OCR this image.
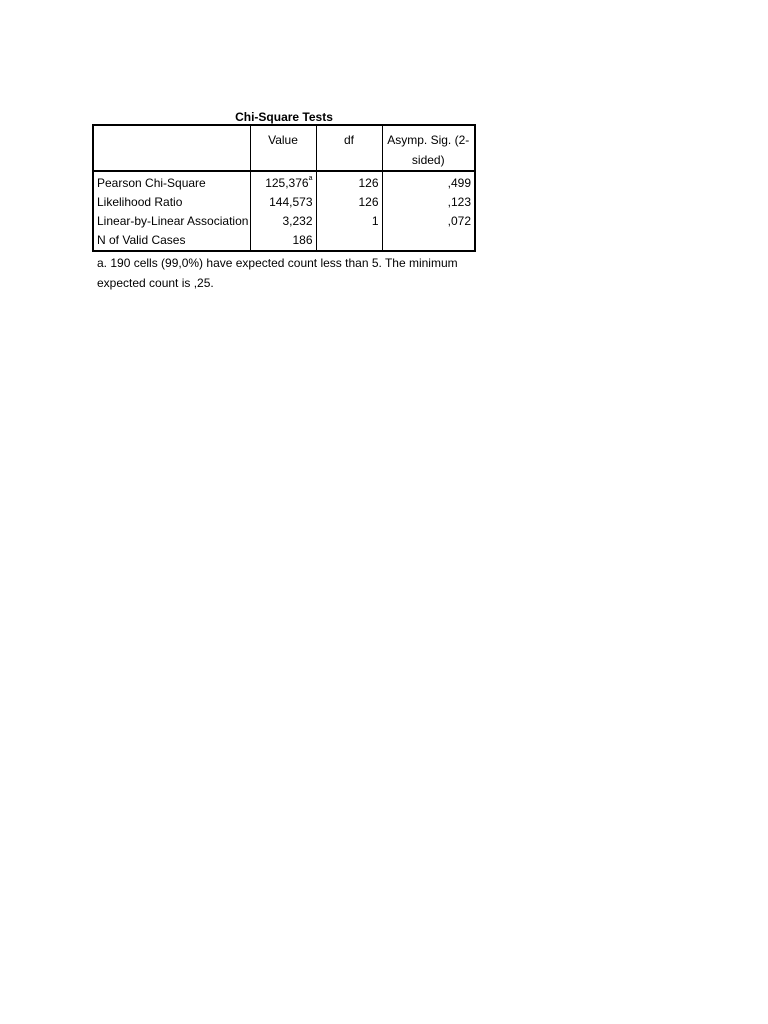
Chi-Square Tests
	Value	df	Asymp. Sig. (2-sided)
Pearson Chi-Square	125,376$^a$	126	,499
Likelihood Ratio	144,573	126	,123
Linear-by-Linear Association	3,232	1	,072
N of Valid Cases	186		
a. 190 cells (99,0%) have expected count less than 5. The minimum
expected count is ,25.
